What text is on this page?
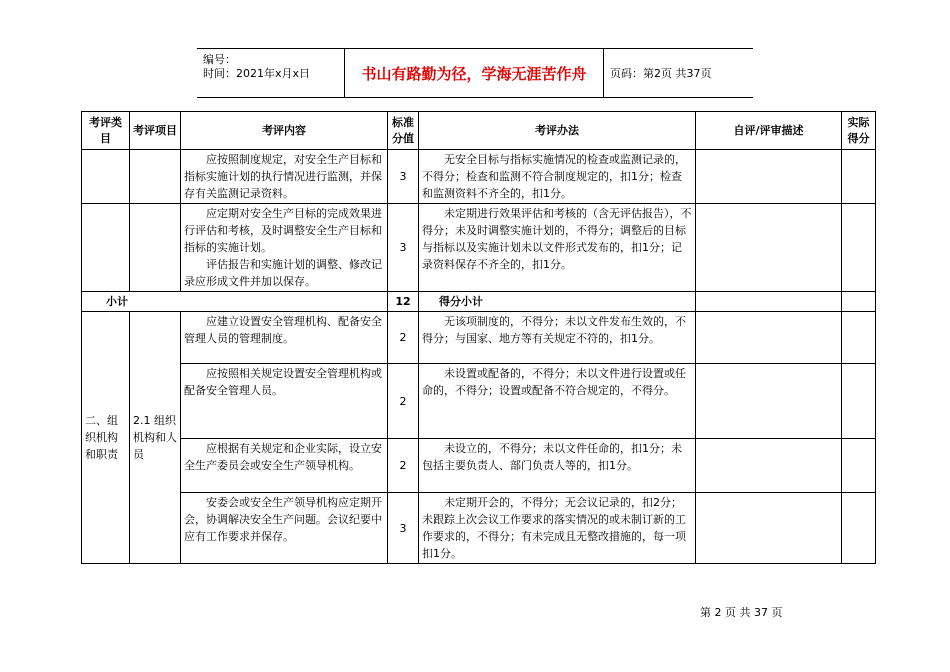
编号：
时间：2021年x月x日	书山有路勤为径，学海无涯苦作舟	页码：第2页 共37页
考评类目	考评项目	考评内容	标准分值	考评办法	自评/评审描述	实际得分
		应按照制度规定，对安全生产目标和指标实施计划的执行情况进行监测，并保存有关监测记录资料。	3	无安全目标与指标实施情况的检查或监测记录的，不得分；检查和监测不符合制度规定的，扣1分；检查和监测资料不齐全的，扣1分。		

		应定期对安全生产目标的完成效果进行评估和考核，及时调整安全生产目标和指标的实施计划。
评估报告和实施计划的调整、修改记录应形成文件并加以保存。	3	未定期进行效果评估和考核的（含无评估报告），不得分；未及时调整实施计划的，不得分；调整后的目标与指标以及实施计划未以文件形式发布的，扣1分；记录资料保存不齐全的，扣1分。		
小计			12	得分小计		
二、组织机构和职责	2.1 组织机构和人员	应建立设置安全管理机构、配备安全管理人员的管理制度。	2	无该项制度的，不得分；未以文件发布生效的，不得分；与国家、地方等有关规定不符的，扣1分。		
		应按照相关规定设置安全管理机构或配备安全管理人员。	2	未设置或配备的，不得分；未以文件进行设置或任命的，不得分；设置或配备不符合规定的，不得分。		
		应根据有关规定和企业实际，设立安全生产委员会或安全生产领导机构。	2	未设立的，不得分；未以文件任命的，扣1分；未包括主要负责人、部门负责人等的，扣1分。		
		安委会或安全生产领导机构应定期开会，协调解决安全生产问题。会议纪要中应有工作要求并保存。	3	未定期开会的，不得分；无会议记录的，扣2分；未跟踪上次会议工作要求的落实情况的或未制订新的工作要求的，不得分；有未完成且无整改措施的，每一项扣1分。		
第 2 页 共 37 页
